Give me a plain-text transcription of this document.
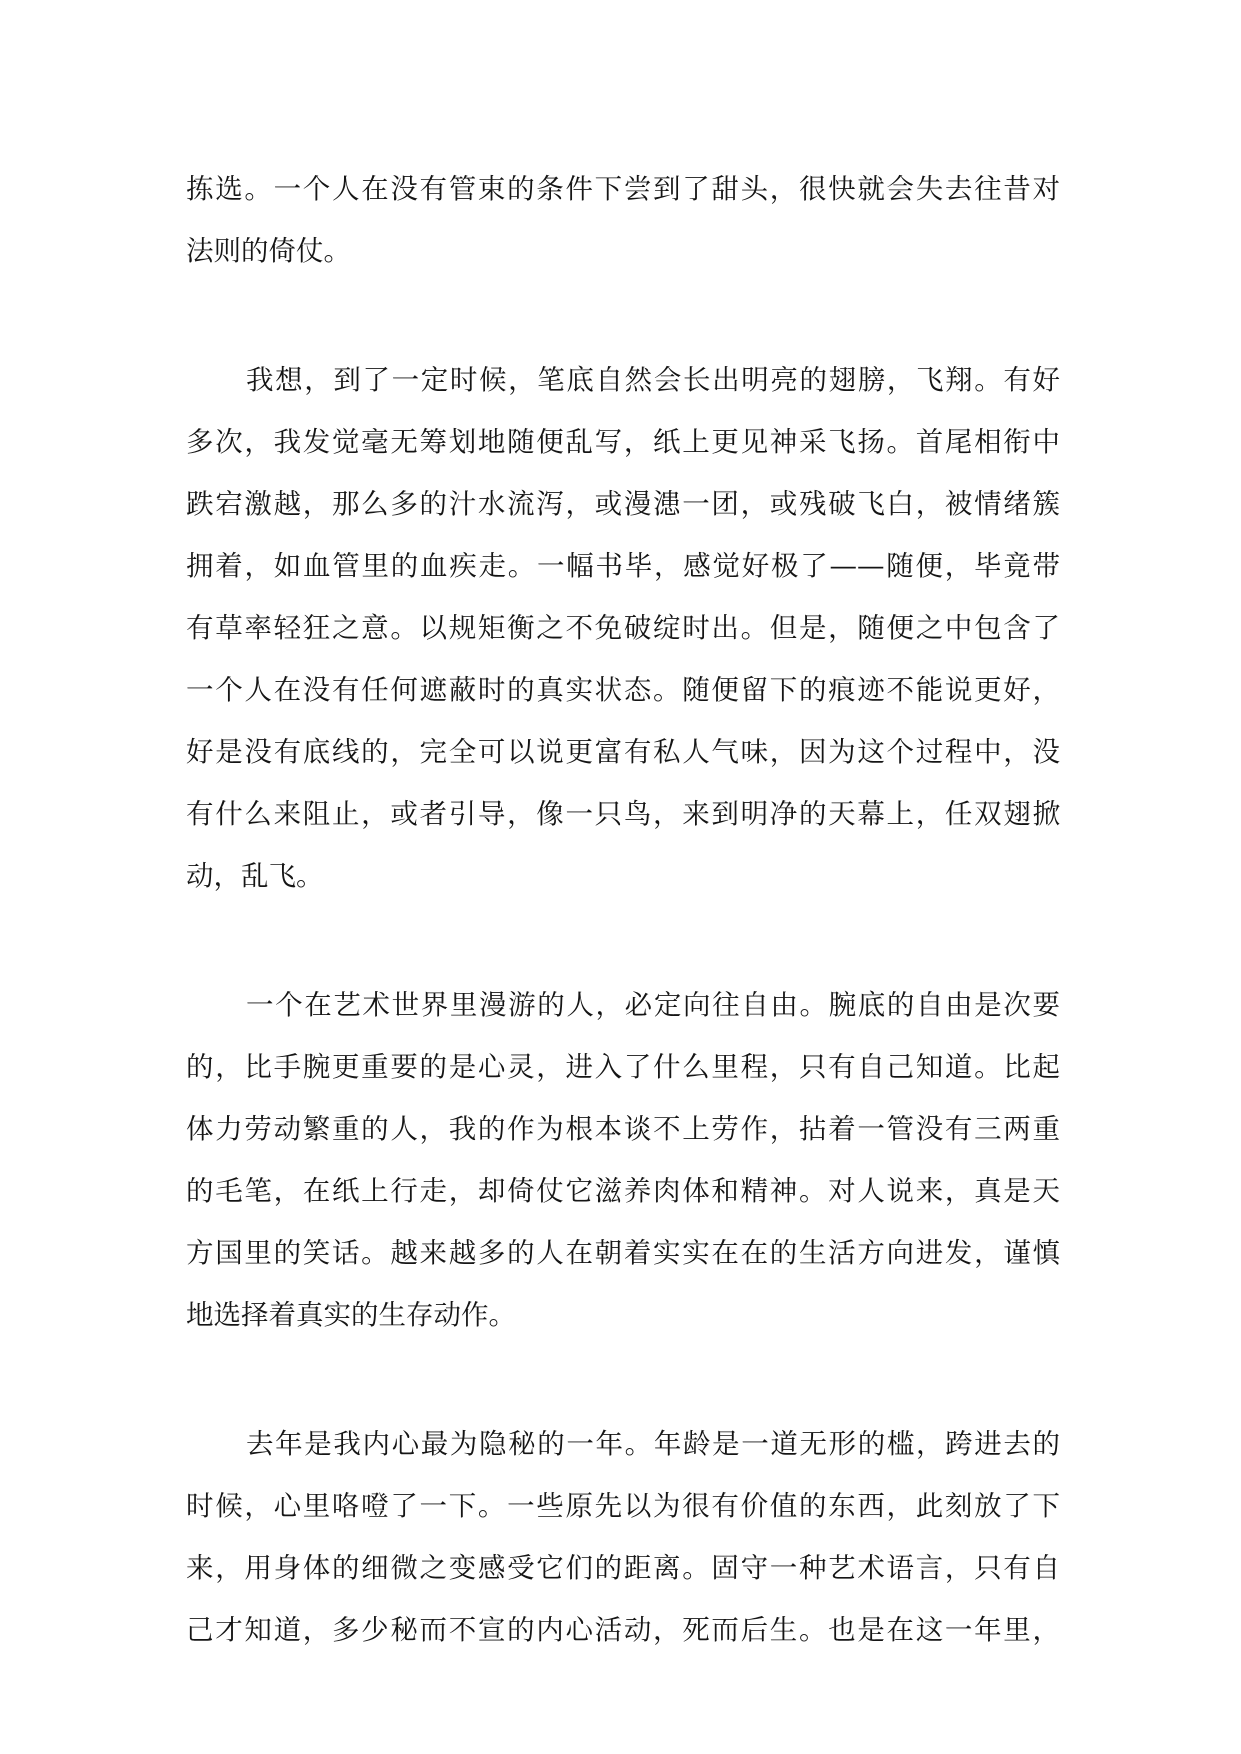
拣选。一个人在没有管束的条件下尝到了甜头，很快就会失去往昔对
法则的倚仗。
我想，到了一定时候，笔底自然会长出明亮的翅膀，飞翔。有好
多次，我发觉毫无筹划地随便乱写，纸上更见神采飞扬。首尾相衔中
跌宕激越，那么多的汁水流泻，或漫漶一团，或残破飞白，被情绪簇
拥着，如血管里的血疾走。一幅书毕，感觉好极了——随便，毕竟带
有草率轻狂之意。以规矩衡之不免破绽时出。但是，随便之中包含了
一个人在没有任何遮蔽时的真实状态。随便留下的痕迹不能说更好，
好是没有底线的，完全可以说更富有私人气味，因为这个过程中，没
有什么来阻止，或者引导，像一只鸟，来到明净的天幕上，任双翅掀
动，乱飞。
一个在艺术世界里漫游的人，必定向往自由。腕底的自由是次要
的，比手腕更重要的是心灵，进入了什么里程，只有自己知道。比起
体力劳动繁重的人，我的作为根本谈不上劳作，拈着一管没有三两重
的毛笔，在纸上行走，却倚仗它滋养肉体和精神。对人说来，真是天
方国里的笑话。越来越多的人在朝着实实在在的生活方向进发，谨慎
地选择着真实的生存动作。
去年是我内心最为隐秘的一年。年龄是一道无形的槛，跨进去的
时候，心里咯噔了一下。一些原先以为很有价值的东西，此刻放了下
来，用身体的细微之变感受它们的距离。固守一种艺术语言，只有自
己才知道，多少秘而不宣的内心活动，死而后生。也是在这一年里，
